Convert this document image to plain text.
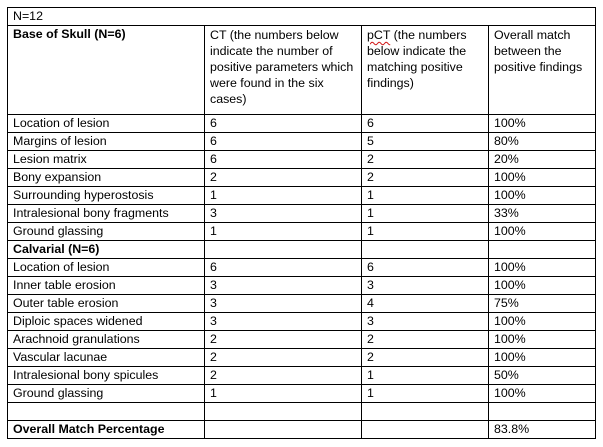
N=12			
Base of Skull (N=6)	CT (the numbers below indicate the number of positive parameters which were found in the six cases)	pCT (the numbers below indicate the matching positive findings)	Overall match between the positive findings
Location of lesion	6	6	100%
Margins of lesion	6	5	80%
Lesion matrix	6	2	20%
Bony expansion	2	2	100%
Surrounding hyperostosis	1	1	100%
Intralesional bony fragments	3	1	33%
Ground glassing	1	1	100%
Calvarial (N=6)			
Location of lesion	6	6	100%
Inner table erosion	3	3	100%
Outer table erosion	3	4	75%
Diploic spaces widened	3	3	100%
Arachnoid granulations	2	2	100%
Vascular lacunae	2	2	100%
Intralesional bony spicules	2	1	50%
Ground glassing	1	1	100%

Overall Match Percentage			83.8%
